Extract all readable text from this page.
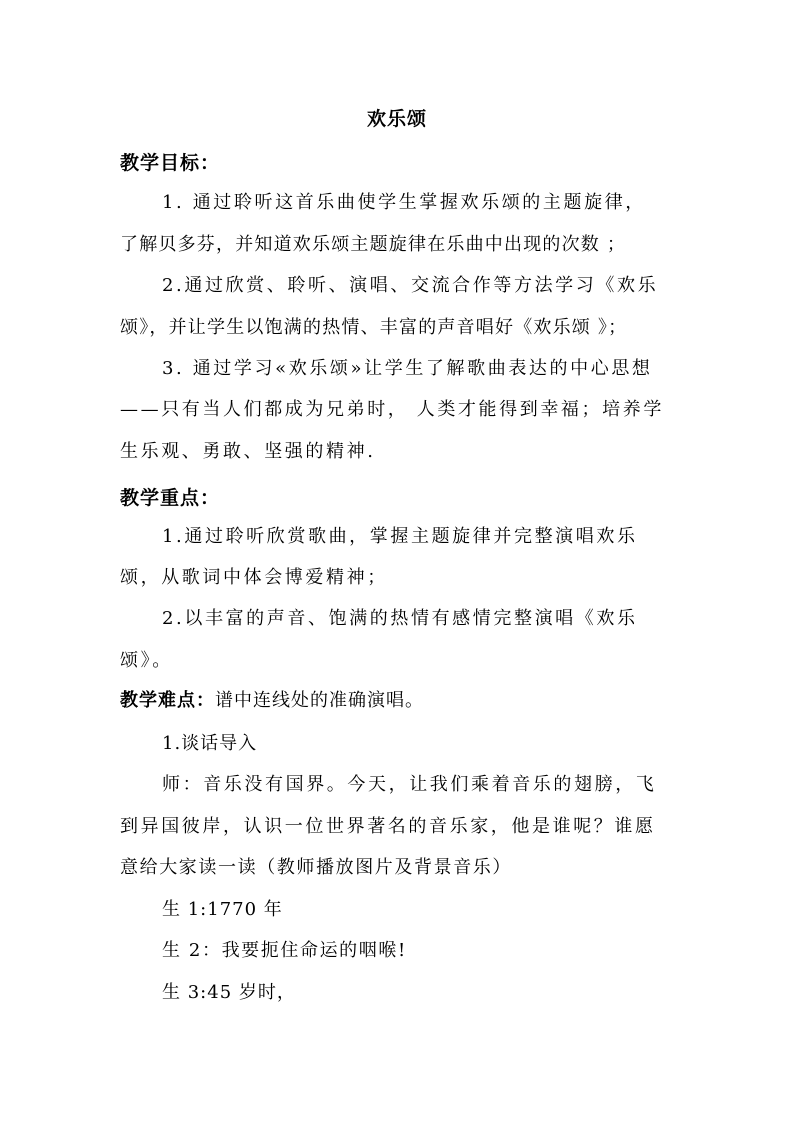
欢乐颂
教学目标：
1. 通过聆听这首乐曲使学生掌握欢乐颂的主题旋律，
了解贝多芬，并知道欢乐颂主题旋律在乐曲中出现的次数 ；
2.通过欣赏、聆听、演唱、交流合作等方法学习《欢乐
颂》，并让学生以饱满的热情、丰富的声音唱好《欢乐颂 》；
3. 通过学习«欢乐颂»让学生了解歌曲表达的中心思想
——只有当人们都成为兄弟时， 人类才能得到幸福；培养学
生乐观、勇敢、坚强的精神.
教学重点：
1.通过聆听欣赏歌曲，掌握主题旋律并完整演唱欢乐
颂，从歌词中体会博爱精神；
2.以丰富的声音、饱满的热情有感情完整演唱《欢乐
颂》。
教学难点：谱中连线处的准确演唱。
1.谈话导入
师：音乐没有国界。今天，让我们乘着音乐的翅膀，飞
到异国彼岸，认识一位世界著名的音乐家，他是谁呢？谁愿
意给大家读一读（教师播放图片及背景音乐）
生 1:1770 年
生 2：我要扼住命运的咽喉!
生 3:45 岁时，
